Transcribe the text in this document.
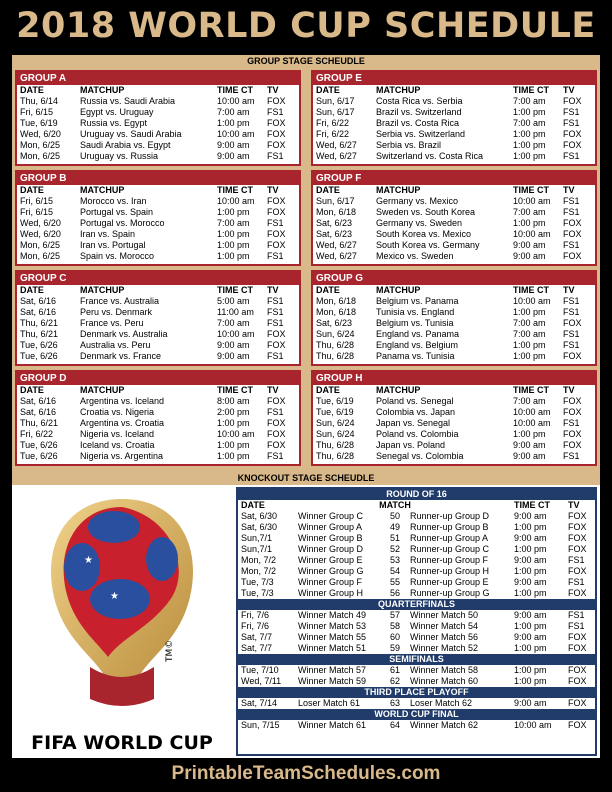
2018 WORLD CUP SCHEDULE
GROUP STAGE SCHEUDLE
GROUP A
DATE	MATCHUP	TIME CT TV
Thu, 6/14 Russia vs. Saudi Arabia	10:00 am FOX
Fri, 6/15	Egypt vs. Uruguay	7:00 am FS1
Tue, 6/19 Russia vs. Egypt	1:00 pm FOX
Wed, 6/20 Uruguay vs. Saudi Arabia	10:00 am FOX
Mon, 6/25 Saudi Arabia vs. Egypt	9:00 am FOX
Mon, 6/25 Uruguay vs. Russia	9:00 am FS1
GROUP E
DATE	MATCHUP	TIME CT TV
Sun, 6/17 Costa Rica vs. Serbia	7:00 am FOX
Sun, 6/17 Brazil vs. Switzerland	1:00 pm FS1
Fri, 6/22	Brazil vs. Costa Rica	7:00 am FS1
Fri, 6/22	Serbia vs. Switzerland	1:00 pm FOX
Wed, 6/27 Serbia vs. Brazil	1:00 pm FOX
Wed, 6/27 Switzerland vs. Costa Rica	1:00 pm FS1
GROUP B
DATE	MATCHUP	TIME CT TV
Fri, 6/15	Morocco vs. Iran	10:00 am FOX
Fri, 6/15	Portugal vs. Spain	1:00 pm FOX
Wed, 6/20 Portugal vs. Morocco	7:00 am FS1
Wed, 6/20 Iran vs. Spain	1:00 pm FOX
Mon, 6/25 Iran vs. Portugal	1:00 pm FOX
Mon, 6/25 Spain vs. Morocco	1:00 pm FS1
GROUP F
DATE	MATCHUP	TIME CT TV
Sun, 6/17 Germany vs. Mexico	10:00 am FS1
Mon, 6/18 Sweden vs. South Korea	7:00 am FS1
Sat, 6/23	Germany vs. Sweden	1:00 pm FOX
Sat, 6/23	South Korea vs. Mexico	10:00 am FOX
Wed, 6/27 South Korea vs. Germany	9:00 am FS1
Wed, 6/27 Mexico vs. Sweden	9:00 am FOX
GROUP C
DATE	MATCHUP	TIME CT TV
Sat, 6/16	France vs. Australia	5:00 am FS1
Sat, 6/16	Peru vs. Denmark	11:00 am FS1
Thu, 6/21 France vs. Peru	7:00 am FS1
Thu, 6/21 Denmark vs. Australia	10:00 am FOX
Tue, 6/26 Australia vs. Peru	9:00 am FOX
Tue, 6/26 Denmark vs. France	9:00 am FS1
GROUP G
DATE	MATCHUP	TIME CT TV
Mon, 6/18 Belgium vs. Panama	10:00 am FS1
Mon, 6/18 Tunisia vs. England	1:00 pm FS1
Sat, 6/23	Belgium vs. Tunisia	7:00 am FOX
Sun, 6/24 England vs. Panama	7:00 am FS1
Thu, 6/28 England vs. Belgium	1:00 pm FS1
Thu, 6/28 Panama vs. Tunisia	1:00 pm FOX
GROUP D
DATE	MATCHUP	TIME CT TV
Sat, 6/16	Argentina vs. Iceland	8:00 am FOX
Sat, 6/16	Croatia vs. Nigeria	2:00 pm FS1
Thu, 6/21 Argentina vs. Croatia	1:00 pm FOX
Fri, 6/22	Nigeria vs. Iceland	10:00 am FOX
Tue, 6/26 Iceland vs. Croatia	1:00 pm FOX
Tue, 6/26 Nigeria vs. Argentina	1:00 pm FS1
GROUP H
DATE	MATCHUP	TIME CT TV
Tue, 6/19 Poland vs. Senegal	7:00 am FOX
Tue, 6/19 Colombia vs. Japan	10:00 am FOX
Sun, 6/24 Japan vs. Senegal	10:00 am FS1
Sun, 6/24 Poland vs. Colombia	1:00 pm FOX
Thu, 6/28 Japan vs. Poland	9:00 am FOX
Thu, 6/28 Senegal vs. Colombia	9:00 am FS1
KNOCKOUT STAGE SCHEUDLE
★
★
TM©
FIFA WORLD CUP
ROUND OF 16
DATE	MATCH	TIME CT TV
Sat, 6/30 Winner Group C	50	Runner-up Group D	9:00 am FOX
Sat, 6/30 Winner Group A	49	Runner-up Group B	1:00 pm FOX
Sun,7/1	Winner Group B	51	Runner-up Group A	9:00 am FOX
Sun,7/1	Winner Group D	52	Runner-up Group C	1:00 pm FOX
Mon, 7/2 Winner Group E	53	Runner-up Group F	9:00 am FS1
Mon, 7/2 Winner Group G	54	Runner-up Group H	1:00 pm FOX
Tue, 7/3	Winner Group F	55	Runner-up Group E	9:00 am FS1
Tue, 7/3	Winner Group H	56	Runner-up Group G	1:00 pm FOX
QUARTERFINALS
Fri, 7/6	Winner Match 49	57	Winner Match 50	9:00 am FS1
Fri, 7/6	Winner Match 53	58	Winner Match 54	1:00 pm FS1
Sat, 7/7	Winner Match 55	60	Winner Match 56	9:00 am FOX
Sat, 7/7	Winner Match 51	59	Winner Match 52	1:00 pm FOX
SEMIFINALS
Tue, 7/10 Winner Match 57	61	Winner Match 58	1:00 pm FOX
Wed, 7/11 Winner Match 59	62	Winner Match 60	1:00 pm FOX
THIRD PLACE PLAYOFF
Sat, 7/14 Loser Match 61	63	Loser Match 62	9:00 am FOX
WORLD CUP FINAL
Sun, 7/15 Winner Match 61	64	Winner Match 62	10:00 am FOX
PrintableTeamSchedules.com
